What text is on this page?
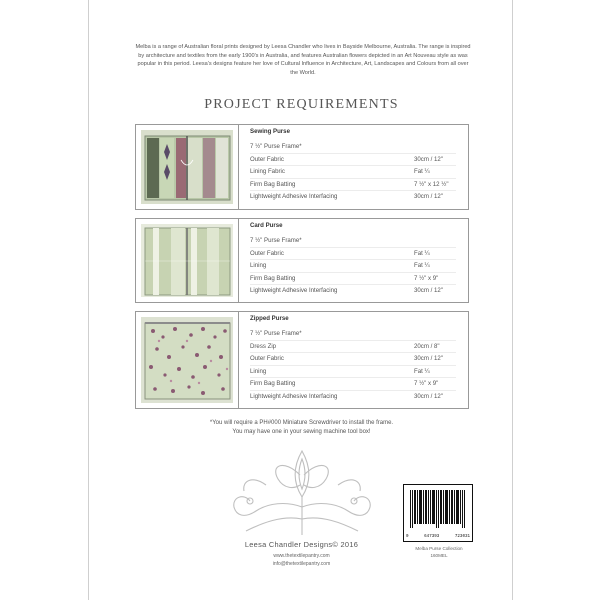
Melba is a range of Australian floral prints designed by Leesa Chandler who lives in Bayside Melbourne, Australia. The range is inspired by architecture and textiles from the early 1900's in Australia, and features Australian flowers depicted in an Art Nouveau style as was popular in this period. Leesa's designs feature her love of Cultural Influence in Architecture, Art, Landscapes and Colours from all over the World.
PROJECT REQUIREMENTS
Sewing Purse
7 ½" Purse Frame*
Outer Fabric	30cm / 12"
Lining Fabric	Fat ¼
Firm Bag Batting	7 ½" x 12 ½"
Lightweight Adhesive Interfacing	30cm / 12"
Card Purse
7 ½" Purse Frame*
Outer Fabric	Fat ¼
Lining	Fat ¼
Firm Bag Batting	7 ½" x 9"
Lightweight Adhesive Interfacing	30cm / 12"
Zipped Purse
7 ½" Purse Frame*
Dress Zip	20cm / 8"
Outer Fabric	30cm / 12"
Lining	Fat ¼
Firm Bag Batting	7 ½" x 9"
Lightweight Adhesive Interfacing	30cm / 12"
*You will require a PH#000 Miniature Screwdriver to install the frame.
You may have one in your sewing machine tool box!
Leesa Chandler Designs© 2016
www.thetextilepantry.com
info@thetextilepantry.com
0	647393	723031
Melba Purse Collection
160MEL
